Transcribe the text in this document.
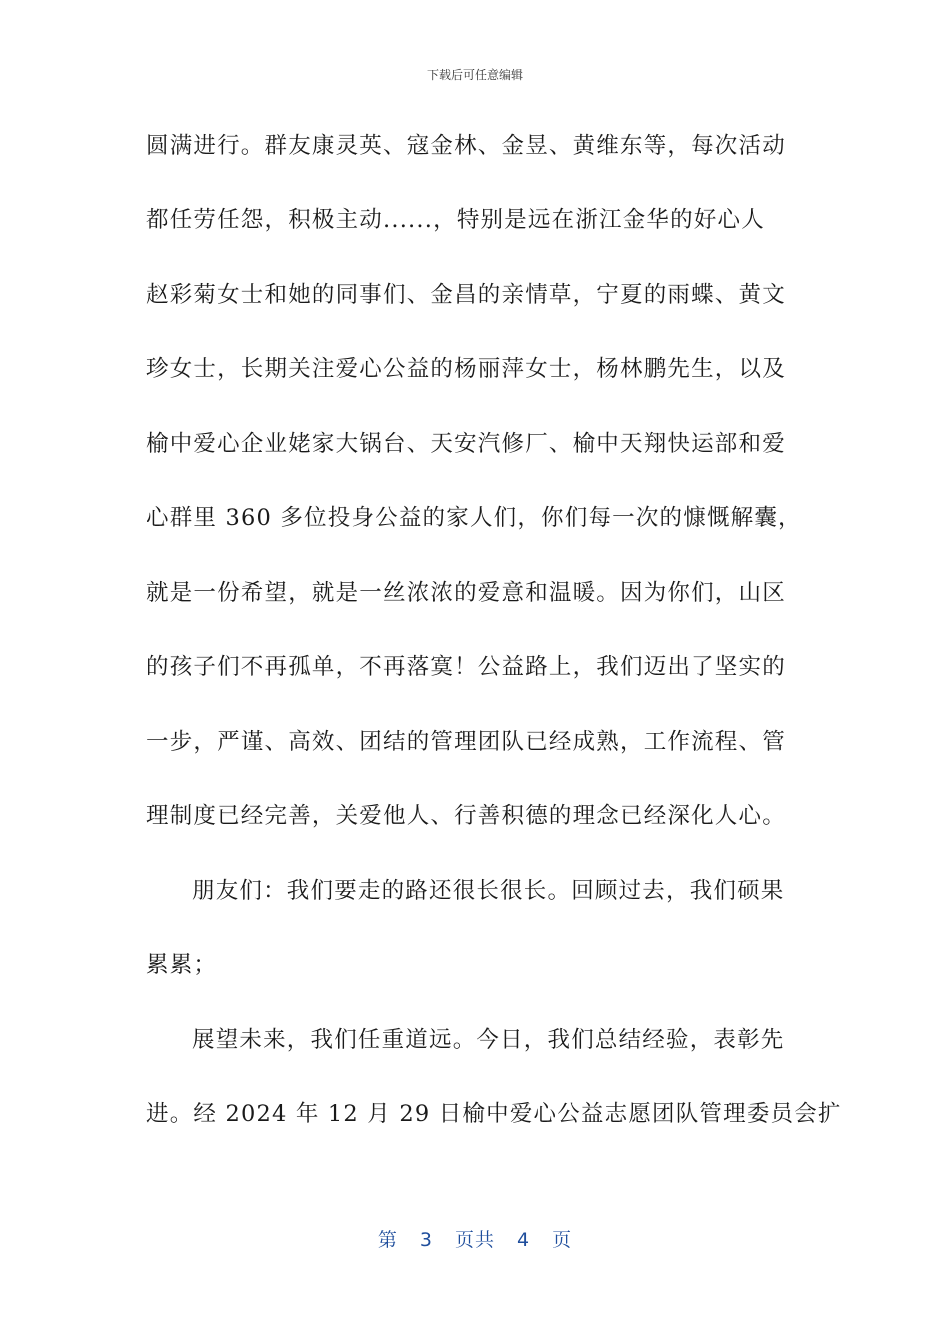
下载后可任意编辑
圆满进行。群友康灵英、寇金林、金昱、黄维东等，每次活动
都任劳任怨，积极主动......，特别是远在浙江金华的好心人
赵彩菊女士和她的同事们、金昌的亲情草，宁夏的雨蝶、黄文
珍女士，长期关注爱心公益的杨丽萍女士，杨林鹏先生，以及
榆中爱心企业姥家大锅台、天安汽修厂、榆中天翔快运部和爱
心群里 360 多位投身公益的家人们，你们每一次的慷慨解囊，
就是一份希望，就是一丝浓浓的爱意和温暖。因为你们，山区
的孩子们不再孤单，不再落寞！公益路上，我们迈出了坚实的
一步，严谨、高效、团结的管理团队已经成熟，工作流程、管
理制度已经完善，关爱他人、行善积德的理念已经深化人心。
朋友们：我们要走的路还很长很长。回顾过去，我们硕果
累累；
展望未来，我们任重道远。今日，我们总结经验，表彰先
进。经 2024 年 12 月 29 日榆中爱心公益志愿团队管理委员会扩
第 3 页共 4 页
